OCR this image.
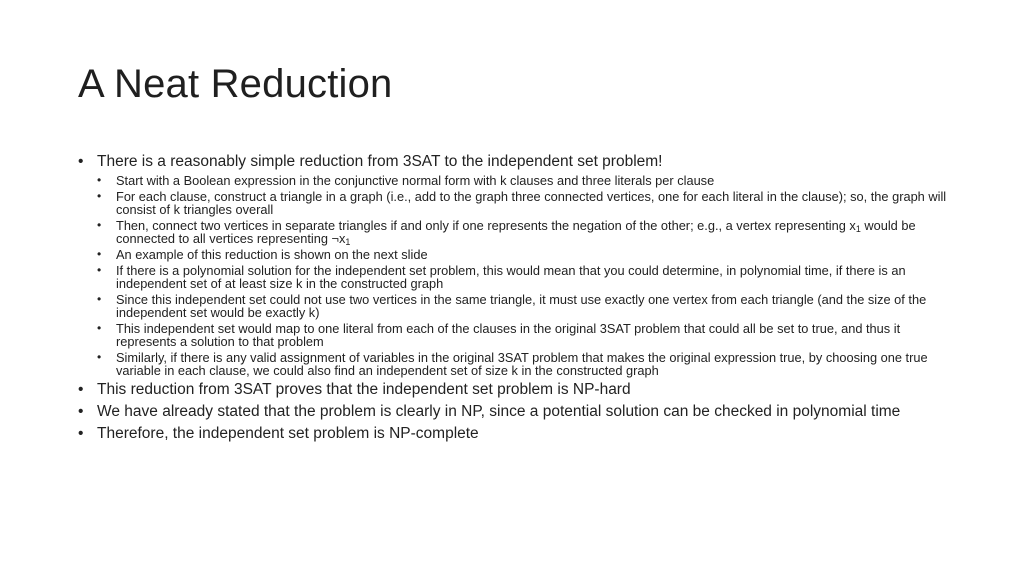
A Neat Reduction
• There is a reasonably simple reduction from 3SAT to the independent set problem!
• Start with a Boolean expression in the conjunctive normal form with k clauses and three literals per clause
• For each clause, construct a triangle in a graph (i.e., add to the graph three connected vertices, one for each literal in the clause); so, the graph will consist of k triangles overall
• Then, connect two vertices in separate triangles if and only if one represents the negation of the other; e.g., a vertex representing $x_1$ would be connected to all vertices representing $\neg x_1$
• An example of this reduction is shown on the next slide
• If there is a polynomial solution for the independent set problem, this would mean that you could determine, in polynomial time, if there is an independent set of at least size k in the constructed graph
• Since this independent set could not use two vertices in the same triangle, it must use exactly one vertex from each triangle (and the size of the independent set would be exactly k)
• This independent set would map to one literal from each of the clauses in the original 3SAT problem that could all be set to true, and thus it represents a solution to that problem
• Similarly, if there is any valid assignment of variables in the original 3SAT problem that makes the original expression true, by choosing one true variable in each clause, we could also find an independent set of size k in the constructed graph
• This reduction from 3SAT proves that the independent set problem is NP-hard
• We have already stated that the problem is clearly in NP, since a potential solution can be checked in polynomial time
• Therefore, the independent set problem is NP-complete
